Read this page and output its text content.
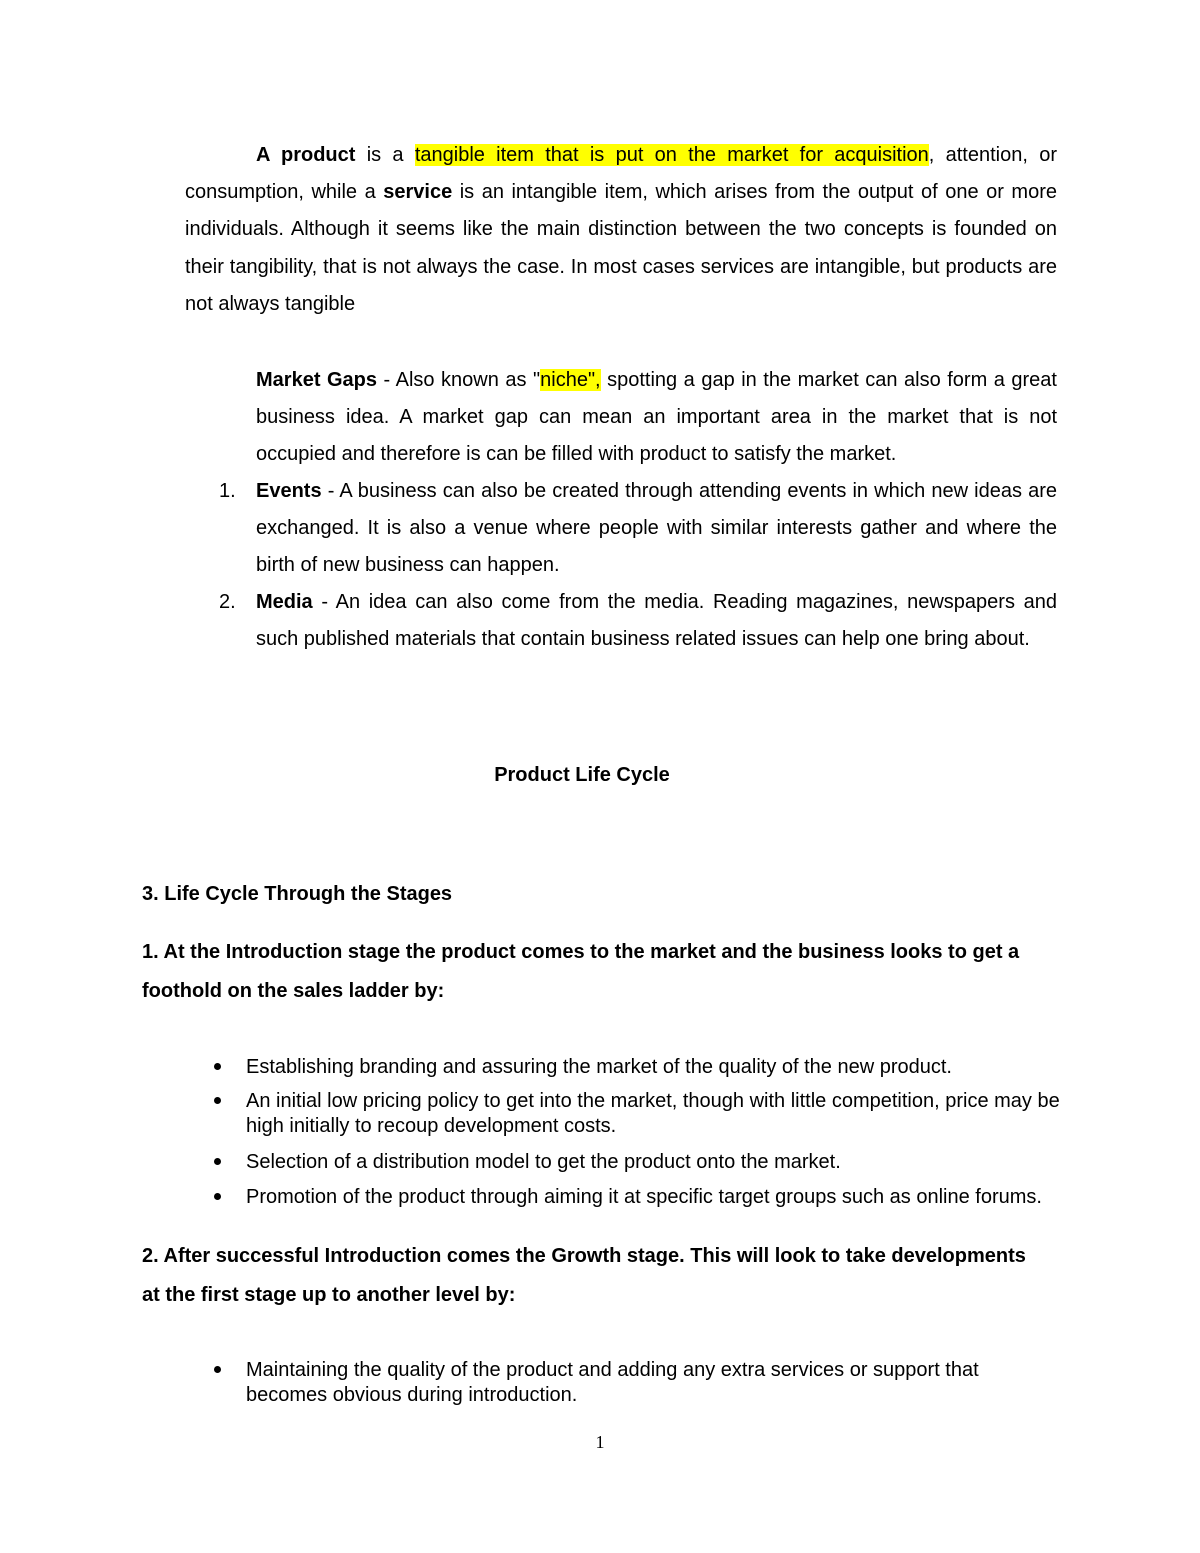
A product is a tangible item that is put on the market for acquisition, attention, or consumption, while a service is an intangible item, which arises from the output of one or more individuals. Although it seems like the main distinction between the two concepts is founded on their tangibility, that is not always the case. In most cases services are intangible, but products are not always tangible

Market Gaps - Also known as "niche", spotting a gap in the market can also form a great business idea. A market gap can mean an important area in the market that is not occupied and therefore is can be filled with product to satisfy the market.

1. Events - A business can also be created through attending events in which new ideas are exchanged. It is also a venue where people with similar interests gather and where the birth of new business can happen.
2. Media - An idea can also come from the media. Reading magazines, newspapers and such published materials that contain business related issues can help one bring about.
Product Life Cycle
3. Life Cycle Through the Stages
1. At the Introduction stage the product comes to the market and the business looks to get a foothold on the sales ladder by:
Establishing branding and assuring the market of the quality of the new product.
An initial low pricing policy to get into the market, though with little competition, price may be high initially to recoup development costs.
Selection of a distribution model to get the product onto the market.
Promotion of the product through aiming it at specific target groups such as online forums.
2. After successful Introduction comes the Growth stage. This will look to take developments at the first stage up to another level by:
Maintaining the quality of the product and adding any extra services or support that becomes obvious during introduction.
1
